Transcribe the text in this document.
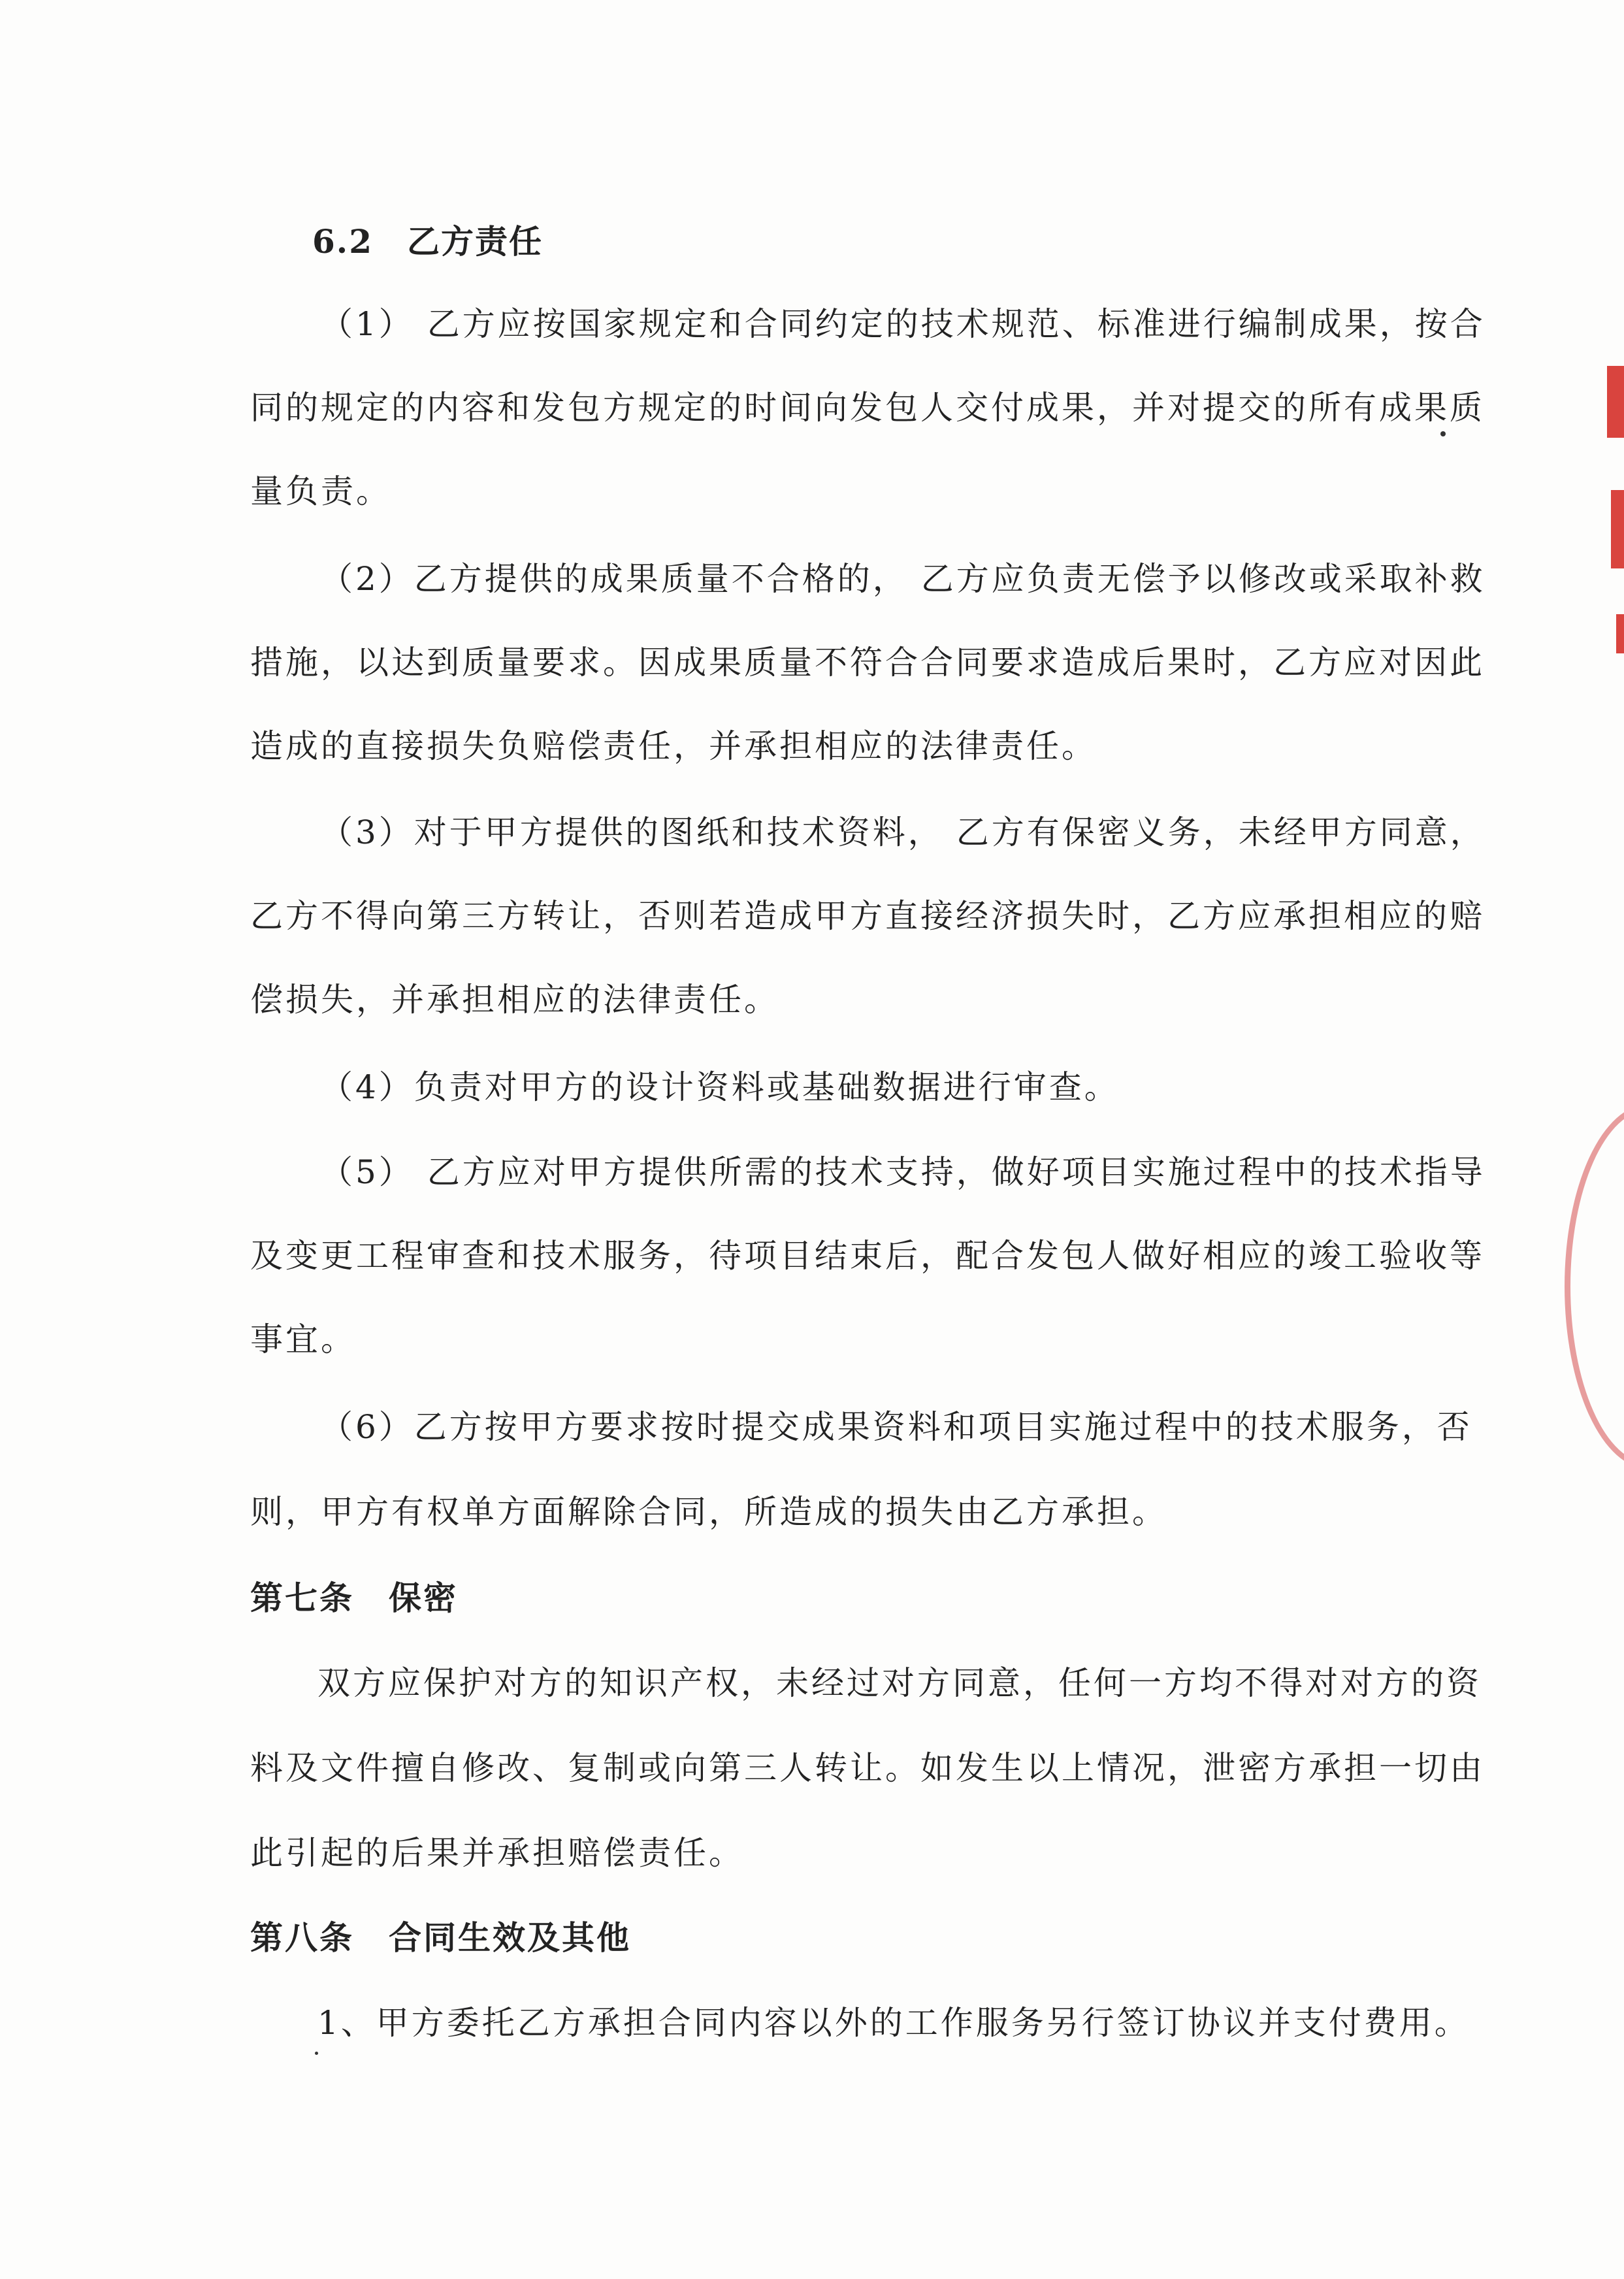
6.2　乙方责任
（1） 乙方应按国家规定和合同约定的技术规范、标准进行编制成果，按合
同的规定的内容和发包方规定的时间向发包人交付成果，并对提交的所有成果质
量负责。
（2）乙方提供的成果质量不合格的， 乙方应负责无偿予以修改或采取补救
措施，以达到质量要求。因成果质量不符合合同要求造成后果时，乙方应对因此
造成的直接损失负赔偿责任，并承担相应的法律责任。
（3）对于甲方提供的图纸和技术资料， 乙方有保密义务，未经甲方同意，
乙方不得向第三方转让，否则若造成甲方直接经济损失时，乙方应承担相应的赔
偿损失，并承担相应的法律责任。
（4）负责对甲方的设计资料或基础数据进行审查。
（5） 乙方应对甲方提供所需的技术支持，做好项目实施过程中的技术指导
及变更工程审查和技术服务，待项目结束后，配合发包人做好相应的竣工验收等
事宜。
（6）乙方按甲方要求按时提交成果资料和项目实施过程中的技术服务，否
则，甲方有权单方面解除合同，所造成的损失由乙方承担。
第七条　保密
双方应保护对方的知识产权，未经过对方同意，任何一方均不得对对方的资
料及文件擅自修改、复制或向第三人转让。如发生以上情况，泄密方承担一切由
此引起的后果并承担赔偿责任。
第八条　合同生效及其他
1、甲方委托乙方承担合同内容以外的工作服务另行签订协议并支付费用。
